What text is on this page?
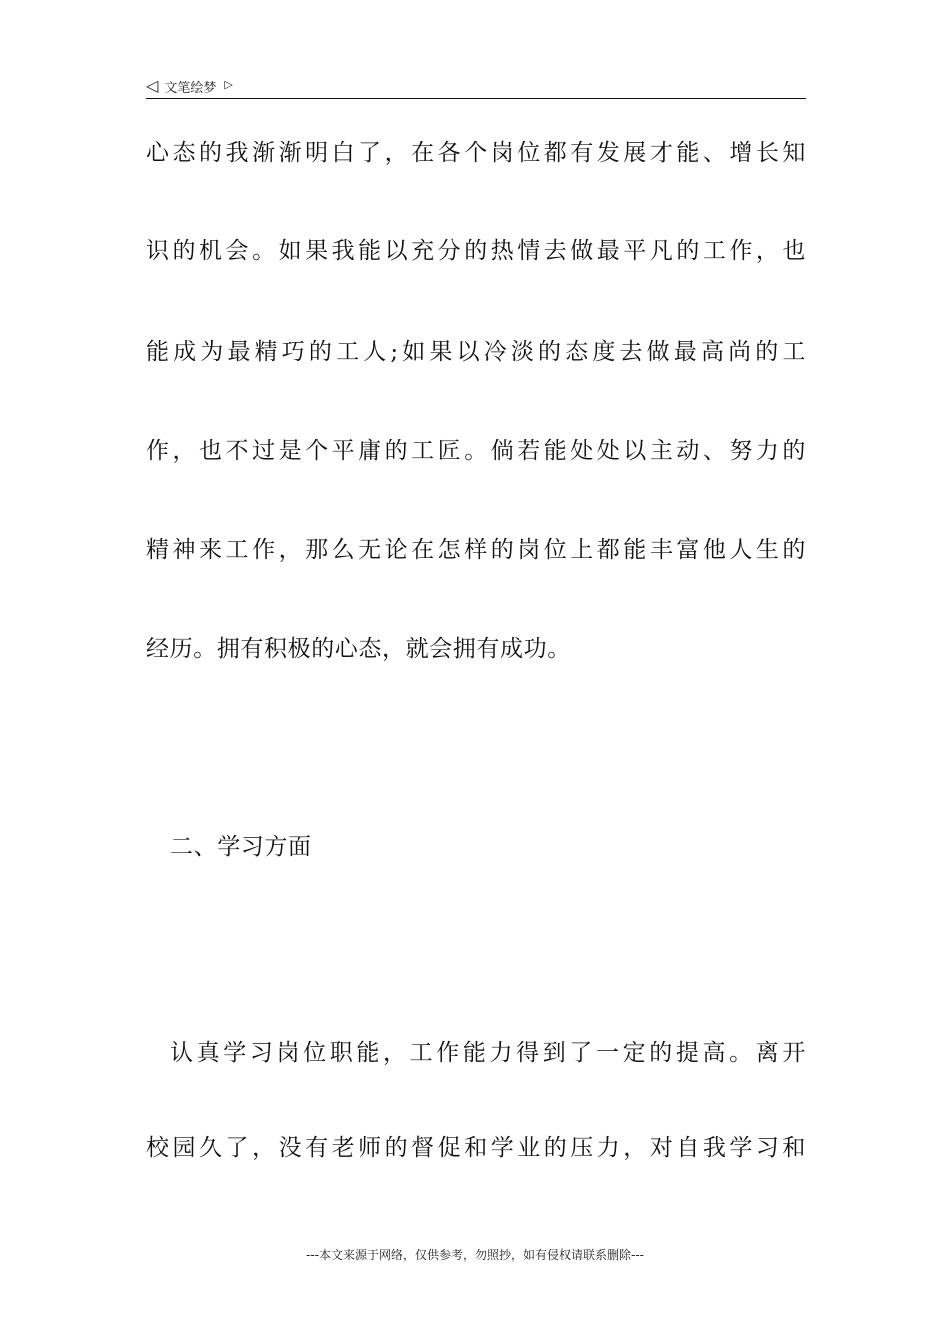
◁ 文笔绘梦 ▷
心态的我渐渐明白了，在各个岗位都有发展才能、增长知
识的机会。如果我能以充分的热情去做最平凡的工作，也
能成为最精巧的工人;如果以冷淡的态度去做最高尚的工
作，也不过是个平庸的工匠。倘若能处处以主动、努力的
精神来工作，那么无论在怎样的岗位上都能丰富他人生的
经历。拥有积极的心态，就会拥有成功。
二、学习方面
认真学习岗位职能，工作能力得到了一定的提高。离开
校园久了，没有老师的督促和学业的压力，对自我学习和
---本文来源于网络，仅供参考，勿照抄，如有侵权请联系删除---
